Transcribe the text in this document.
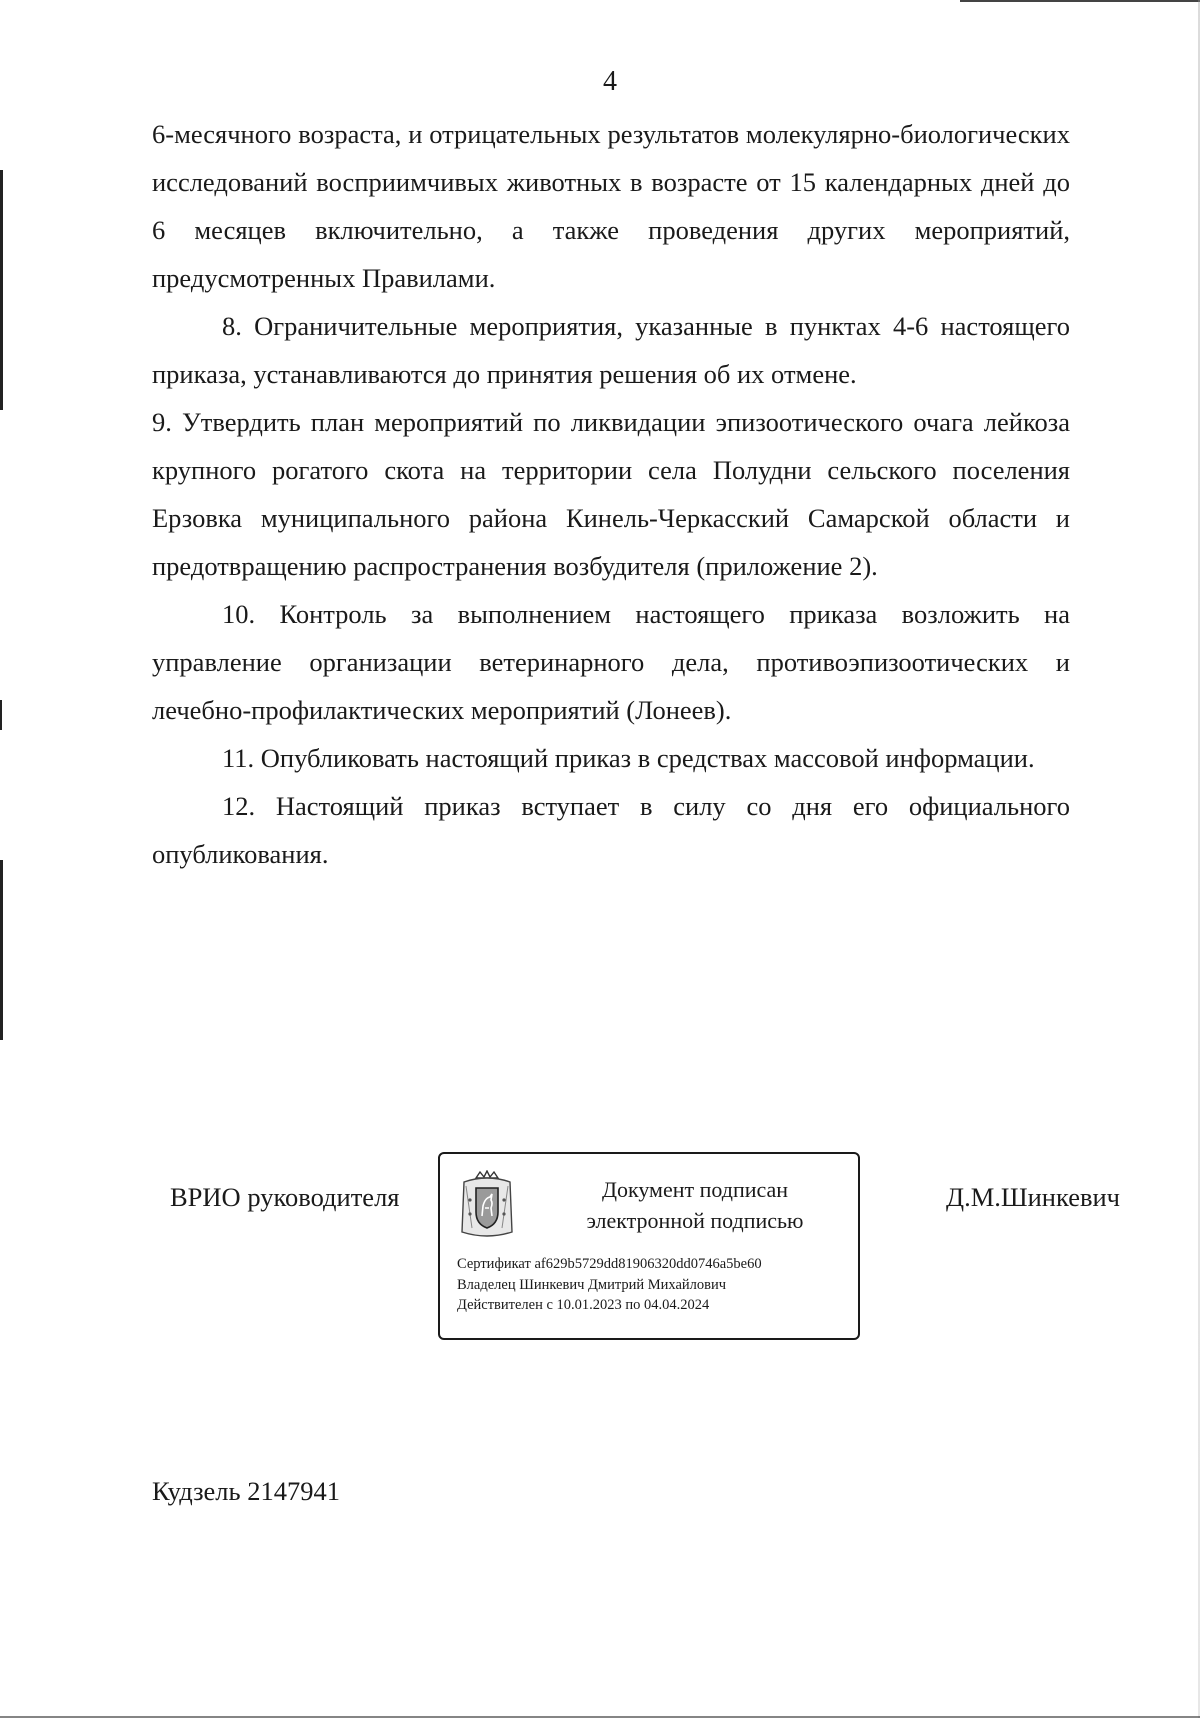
4

6-месячного возраста, и отрицательных результатов молекулярно-биологических исследований восприимчивых животных в возрасте от 15 календарных дней до 6 месяцев включительно, а также проведения других мероприятий, предусмотренных Правилами.

8. Ограничительные мероприятия, указанные в пунктах 4-6 настоящего приказа, устанавливаются до принятия решения об их отмене.

9. Утвердить план мероприятий по ликвидации эпизоотического очага лейкоза крупного рогатого скота на территории села Полудни сельского поселения Ерзовка муниципального района Кинель-Черкасский Самарской области и предотвращению распространения возбудителя (приложение 2).

10. Контроль за выполнением настоящего приказа возложить на управление организации ветеринарного дела, противоэпизоотических и лечебно-профилактических мероприятий (Лонеев).

11. Опубликовать настоящий приказ в средствах массовой информации.

12. Настоящий приказ вступает в силу со дня его официального опубликования.

ВРИО руководителя	Документ подписан
электронной подписью
Сертификат af629b5729dd81906320dd0746a5be60
Владелец Шинкевич Дмитрий Михайлович
Действителен с 10.01.2023 по 04.04.2024
Д.М.Шинкевич
Кудзель 2147941
